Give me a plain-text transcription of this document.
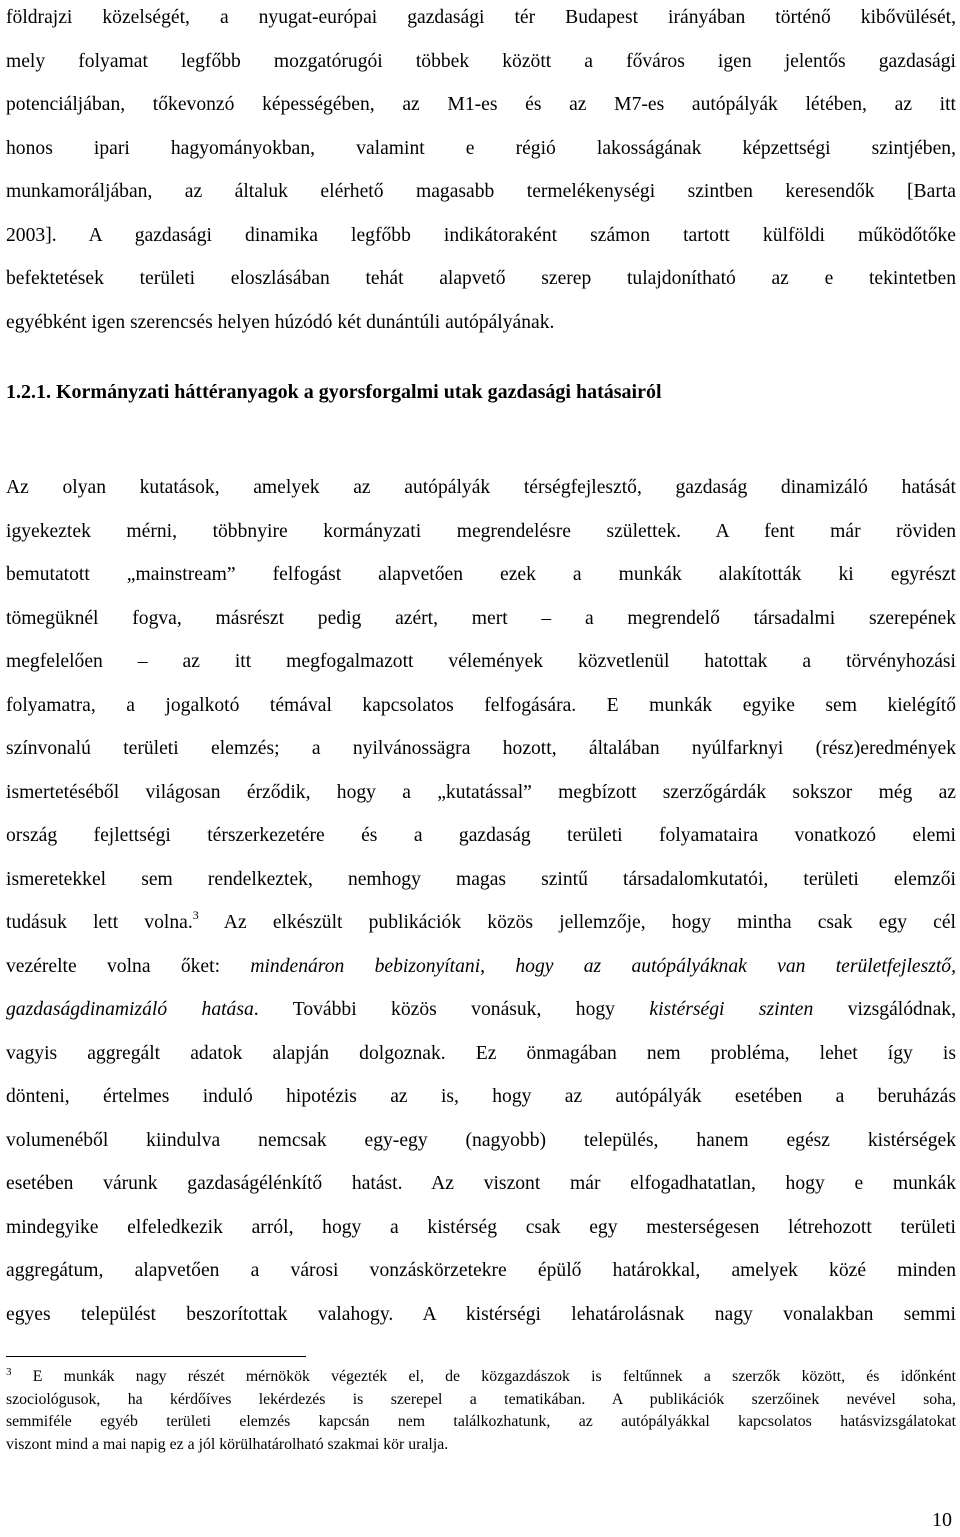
földrajzi közelségét, a nyugat-európai gazdasági tér Budapest irányában történő kibővülését,
mely folyamat legfőbb mozgatórugói többek között a főváros igen jelentős gazdasági
potenciáljában, tőkevonzó képességében, az M1-es és az M7-es autópályák létében, az itt
honos ipari hagyományokban, valamint e régió lakosságának képzettségi szintjében,
munkamoráljában, az általuk elérhető magasabb termelékenységi szintben keresendők [Barta
2003]. A gazdasági dinamika legfőbb indikátoraként számon tartott külföldi működőtőke
befektetések területi eloszlásában tehát alapvető szerep tulajdonítható az e tekintetben
egyébként igen szerencsés helyen húzódó két dunántúli autópályának.
1.2.1. Kormányzati háttéranyagok a gyorsforgalmi utak gazdasági hatásairól
Az olyan kutatások, amelyek az autópályák térségfejlesztő, gazdaság dinamizáló hatását
igyekeztek mérni, többnyire kormányzati megrendelésre születtek. A fent már röviden
bemutatott „mainstream” felfogást alapvetően ezek a munkák alakították ki egyrészt
tömegüknél fogva, másrészt pedig azért, mert – a megrendelő társadalmi szerepének
megfelelően – az itt megfogalmazott vélemények közvetlenül hatottak a törvényhozási
folyamatra, a jogalkotó témával kapcsolatos felfogására. E munkák egyike sem kielégítő
színvonalú területi elemzés; a nyilvánossägra hozott, általában nyúlfarknyi (rész)eredmények
ismertetéséből világosan érződik, hogy a „kutatással” megbízott szerzőgárdák sokszor még az
ország fejlettségi térszerkezetére és a gazdaság területi folyamataira vonatkozó elemi
ismeretekkel sem rendelkeztek, nemhogy magas szintű társadalomkutatói, területi elemzői
tudásuk lett volna.$^3$ Az elkészült publikációk közös jellemzője, hogy mintha csak egy cél
vezérelte volna őket: mindenáron bebizonyítani, hogy az autópályáknak van területfejlesztő,
gazdaságdinamizáló hatása. További közös vonásuk, hogy kistérségi szinten vizsgálódnak,
vagyis aggregált adatok alapján dolgoznak. Ez önmagában nem probléma, lehet így is
dönteni, értelmes induló hipotézis az is, hogy az autópályák esetében a beruházás
volumenéből kiindulva nemcsak egy-egy (nagyobb) település, hanem egész kistérségek
esetében várunk gazdaságélénkítő hatást. Az viszont már elfogadhatatlan, hogy e munkák
mindegyike elfeledkezik arról, hogy a kistérség csak egy mesterségesen létrehozott területi
aggregátum, alapvetően a városi vonzáskörzetekre épülő határokkal, amelyek közé minden
egyes települést beszorítottak valahogy. A kistérségi lehatárolásnak nagy vonalakban semmi
$^3$ E munkák nagy részét mérnökök végezték el, de közgazdászok is feltűnnek a szerzők között, és időnként
szociológusok, ha kérdőíves lekérdezés is szerepel a tematikában. A publikációk szerzőinek nevével soha,
semmiféle egyéb területi elemzés kapcsán nem találkozhatunk, az autópályákkal kapcsolatos hatásvizsgálatokat
viszont mind a mai napig ez a jól körülhatárolható szakmai kör uralja.
10
